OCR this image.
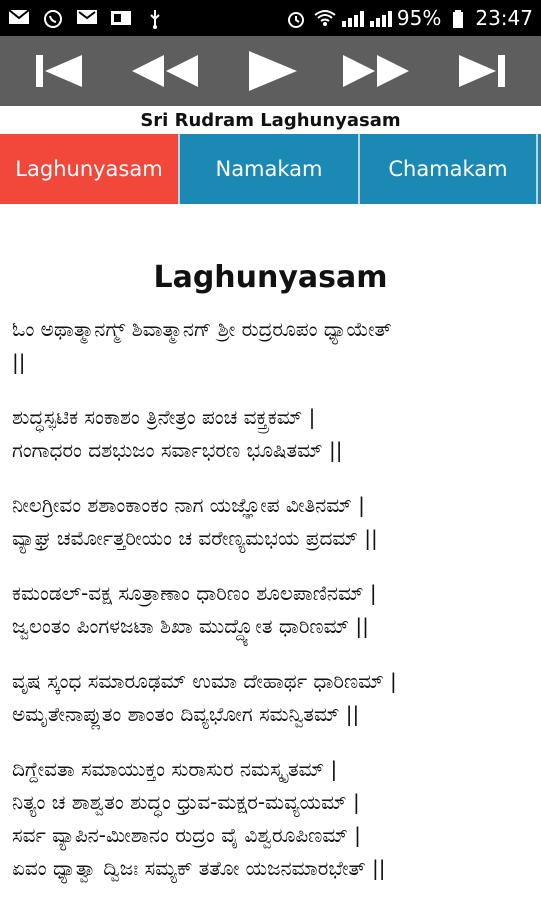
95% 23:47
Sri Rudram Laghunyasam
Laghunyasam	Namakam	Chamakam
Laghunyasam
ಓಂ ಅಥಾತ್ಮಾನಗ್ಮ್ ಶಿವಾತ್ಮಾನಗ್ ಶ್ರೀ ರುದ್ರರೂಪಂ ಧ್ಯಾಯೇತ್
||
ಶುದ್ಧಸ್ಫಟಿಕ ಸಂಕಾಶಂ ತ್ರಿನೇತ್ರಂ ಪಂಚ ವಕ್ತ್ರಕಮ್ |
ಗಂಗಾಧರಂ ದಶಭುಜಂ ಸರ್ವಾಭರಣ ಭೂಷಿತಮ್ ||
ನೀಲಗ್ರೀವಂ ಶಶಾಂಕಾಂಕಂ ನಾಗ ಯಜ್ಞೋಪ ವೀತಿನಮ್ |
ವ್ಯಾಘ್ರ ಚರ್ಮೋತ್ತರೀಯಂ ಚ ವರೇಣ್ಯಮಭಯ ಪ್ರದಮ್ ||
ಕಮಂಡಲ್-ವಕ್ಷ ಸೂತ್ರಾಣಾಂ ಧಾರಿಣಂ ಶೂಲಪಾಣಿನಮ್ |
ಜ್ವಲಂತಂ ಪಿಂಗಳಜಟಾ ಶಿಖಾ ಮುದ್ದ್ಯೋತ ಧಾರಿಣಮ್ ||
ವೃಷ ಸ್ಕಂಧ ಸಮಾರೂಢಮ್ ಉಮಾ ದೇಹಾರ್ಥ ಧಾರಿಣಮ್ |
ಅಮೃತೇನಾಪ್ಲುತಂ ಶಾಂತಂ ದಿವ್ಯಭೋಗ ಸಮನ್ವಿತಮ್ ||
ದಿಗ್ದೇವತಾ ಸಮಾಯುಕ್ತಂ ಸುರಾಸುರ ನಮಸ್ಕೃತಮ್ |
ನಿತ್ಯಂ ಚ ಶಾಶ್ವತಂ ಶುದ್ಧಂ ಧ್ರುವ-ಮಕ್ಷರ-ಮವ್ಯಯಮ್ |
ಸರ್ವ ವ್ಯಾಪಿನ-ಮೀಶಾನಂ ರುದ್ರಂ ವೈ ವಿಶ್ವರೂಪಿಣಮ್ |
ಏವಂ ಧ್ಯಾತ್ವಾ ದ್ವಿಜಃ ಸಮ್ಯಕ್ ತತೋ ಯಜನಮಾರಭೇತ್ ||
